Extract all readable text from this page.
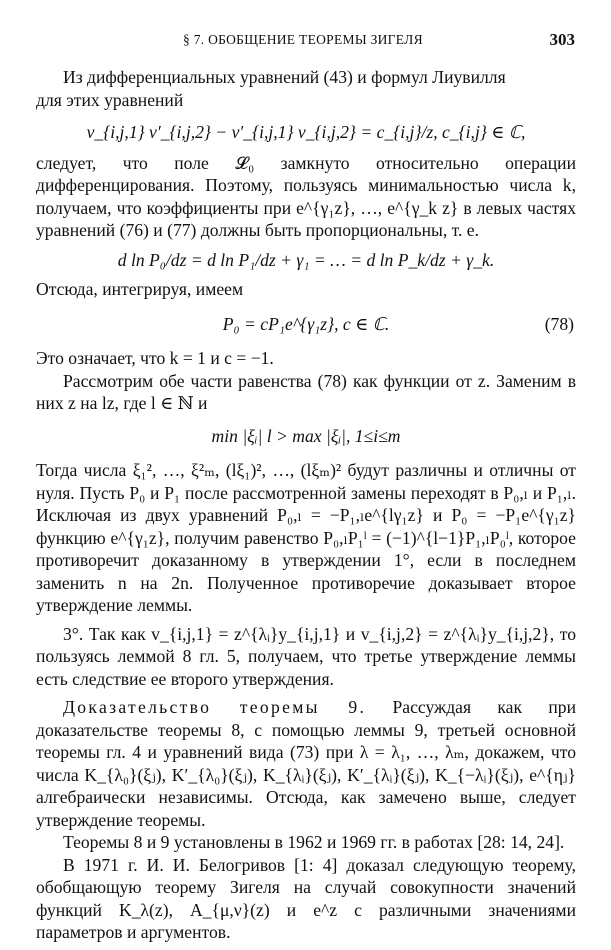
§ 7. ОБОБЩЕНИЕ ТЕОРЕМЫ ЗИГЕЛЯ	303

Из дифференциальных уравнений (43) и формул Лиувилля
для этих уравнений

v_{i,j,1} v′_{i,j,2} − v′_{i,j,1} v_{i,j,2} = c_{i,j}/z, c_{i,j} ∈ ℂ,

следует, что поле 𝓛₀ замкнуто относительно операции дифференцирования. Поэтому, пользуясь минимальностью числа k, получаем, что коэффициенты при e^{γ₁z}, …, e^{γ_k z} в левых частях уравнений (76) и (77) должны быть пропорциональны, т. е.

d ln P₀/dz = d ln P₁/dz + γ₁ = … = d ln P_k/dz + γ_k.

Отсюда, интегрируя, имеем

P₀ = cP₁e^{γ₁z}, c ∈ ℂ.	(78)

Это означает, что k = 1 и c = −1.

Рассмотрим обе части равенства (78) как функции от z. Заменим в них z на lz, где l ∈ ℕ и

min |ξᵢ| l > max |ξᵢ|, 1≤i≤m

Тогда числа ξ₁², …, ξ²ₘ, (lξ₁)², …, (lξₘ)² будут различны и отличны от нуля. Пусть P₀ и P₁ после рассмотренной замены переходят в P₀,ₗ и P₁,ₗ. Исключая из двух уравнений P₀,ₗ = −P₁,ₗe^{lγ₁z} и P₀ = −P₁e^{γ₁z} функцию e^{γ₁z}, получим равенство P₀,ₗP₁ˡ = (−1)^{l−1}P₁,ₗP₀ˡ, которое противоречит доказанному в утверждении 1°, если в последнем заменить n на 2n. Полученное противоречие доказывает второе утверждение леммы.

3°. Так как v_{i,j,1} = z^{λᵢ}y_{i,j,1} и v_{i,j,2} = z^{λᵢ}y_{i,j,2}, то пользуясь леммой 8 гл. 5, получаем, что третье утверждение леммы есть следствие ее второго утверждения.

Доказательство теоремы 9. Рассуждая как при доказательстве теоремы 8, с помощью леммы 9, третьей основной теоремы гл. 4 и уравнений вида (73) при λ = λ₁, …, λₘ, докажем, что числа K_{λ₀}(ξⱼ), K′_{λ₀}(ξⱼ), K_{λᵢ}(ξⱼ), K′_{λᵢ}(ξⱼ), K_{−λᵢ}(ξⱼ), e^{ηⱼ} алгебраически независимы. Отсюда, как замечено выше, следует утверждение теоремы.

Теоремы 8 и 9 установлены в 1962 и 1969 гг. в работах [28: 14, 24].

В 1971 г. И. И. Белогривов [1: 4] доказал следующую теорему, обобщающую теорему Зигеля на случай совокупности значений функций K_λ(z), A_{μ,ν}(z) и e^z с различными значениями параметров и аргументов.
